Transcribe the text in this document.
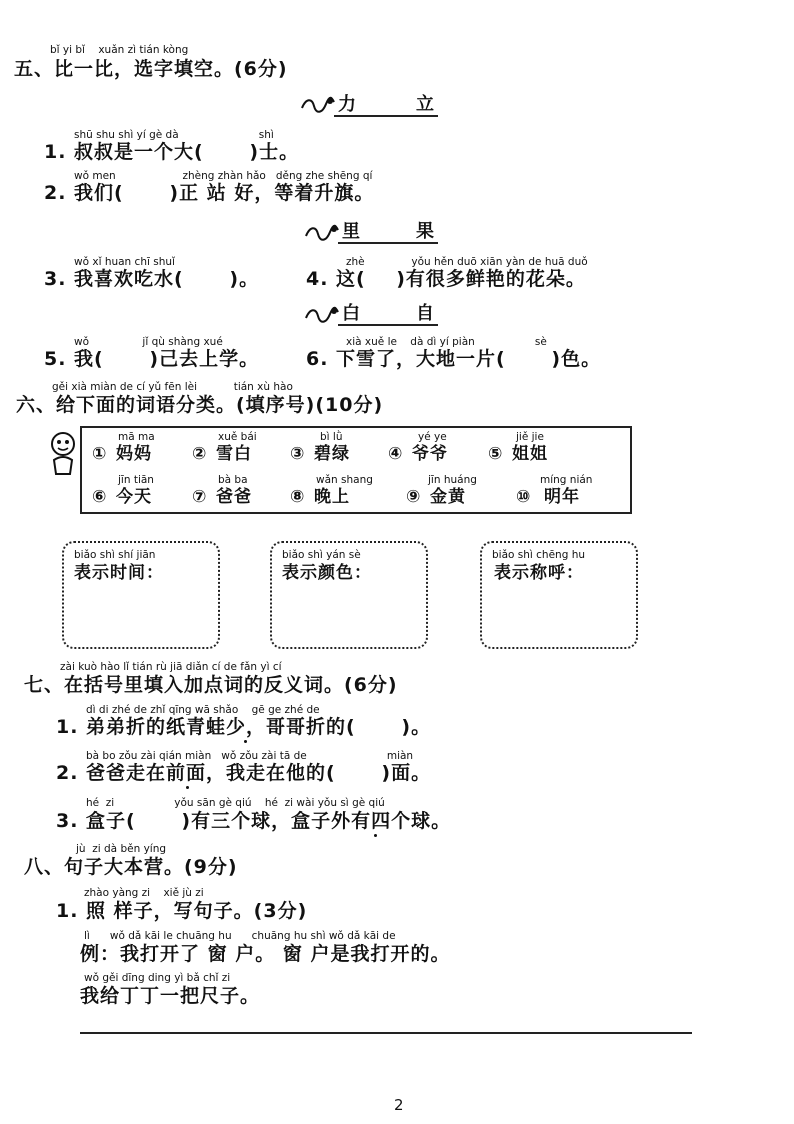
bǐ yi bǐ    xuǎn zì tián kòng
五、比一比，选字填空。(6分)
力	立
shū shu shì yí gè dà                        shì
1. 叔叔是一个大(      )士。
wǒ men                    zhèng zhàn hǎo   děng zhe shēng qí
2. 我们(      )正 站 好，等着升旗。
里	果
wǒ xǐ huan chī shuǐ
3. 我喜欢吃水(      )。
zhè              yǒu hěn duō xiān yàn de huā duǒ
4. 这(    )有很多鲜艳的花朵。
白	自
wǒ                jǐ qù shàng xué
5. 我(      )己去上学。
xià xuě le    dà dì yí piàn                  sè
6. 下雪了，大地一片(      )色。
gěi xià miàn de cí yǔ fēn lèi           tián xù hào
六、给下面的词语分类。(填序号)(10分)
mā ma
① 妈妈
xuě bái
② 雪白
bì lǜ
③ 碧绿
yé ye
④ 爷爷
jiě jie
⑤ 姐姐
jīn tiān
⑥ 今天
bà ba
⑦ 爸爸
wǎn shang
⑧ 晚上
jīn huáng
⑨ 金黄
míng nián
⑩ 明年
biǎo shì shí jiān
表示时间：
biǎo shì yán sè
表示颜色：
biǎo shì chēng hu
表示称呼：
zài kuò hào lǐ tián rù jiā diǎn cí de fǎn yì cí
七、在括号里填入加点词的反义词。(6分)
dì di zhé de zhǐ qīng wā shǎo    gē ge zhé de
1. 弟弟折的纸青蛙少，哥哥折的(      )。
bà bo zǒu zài qián miàn   wǒ zǒu zài tā de                        miàn
2. 爸爸走在前面，我走在他的(      )面。
hé  zi                  yǒu sān gè qiú    hé  zi wài yǒu sì gè qiú
3. 盒子(      )有三个球，盒子外有四个球。
jù  zi dà běn yíng
八、句子大本营。(9分)
zhào yàng zi    xiě jù zi
1. 照 样子，写句子。(3分)
lì      wǒ dǎ kāi le chuāng hu      chuāng hu shì wǒ dǎ kāi de
例：我打开了 窗 户。 窗 户是我打开的。
wǒ gěi dīng ding yì bǎ chǐ zi
我给丁丁一把尺子。
2
